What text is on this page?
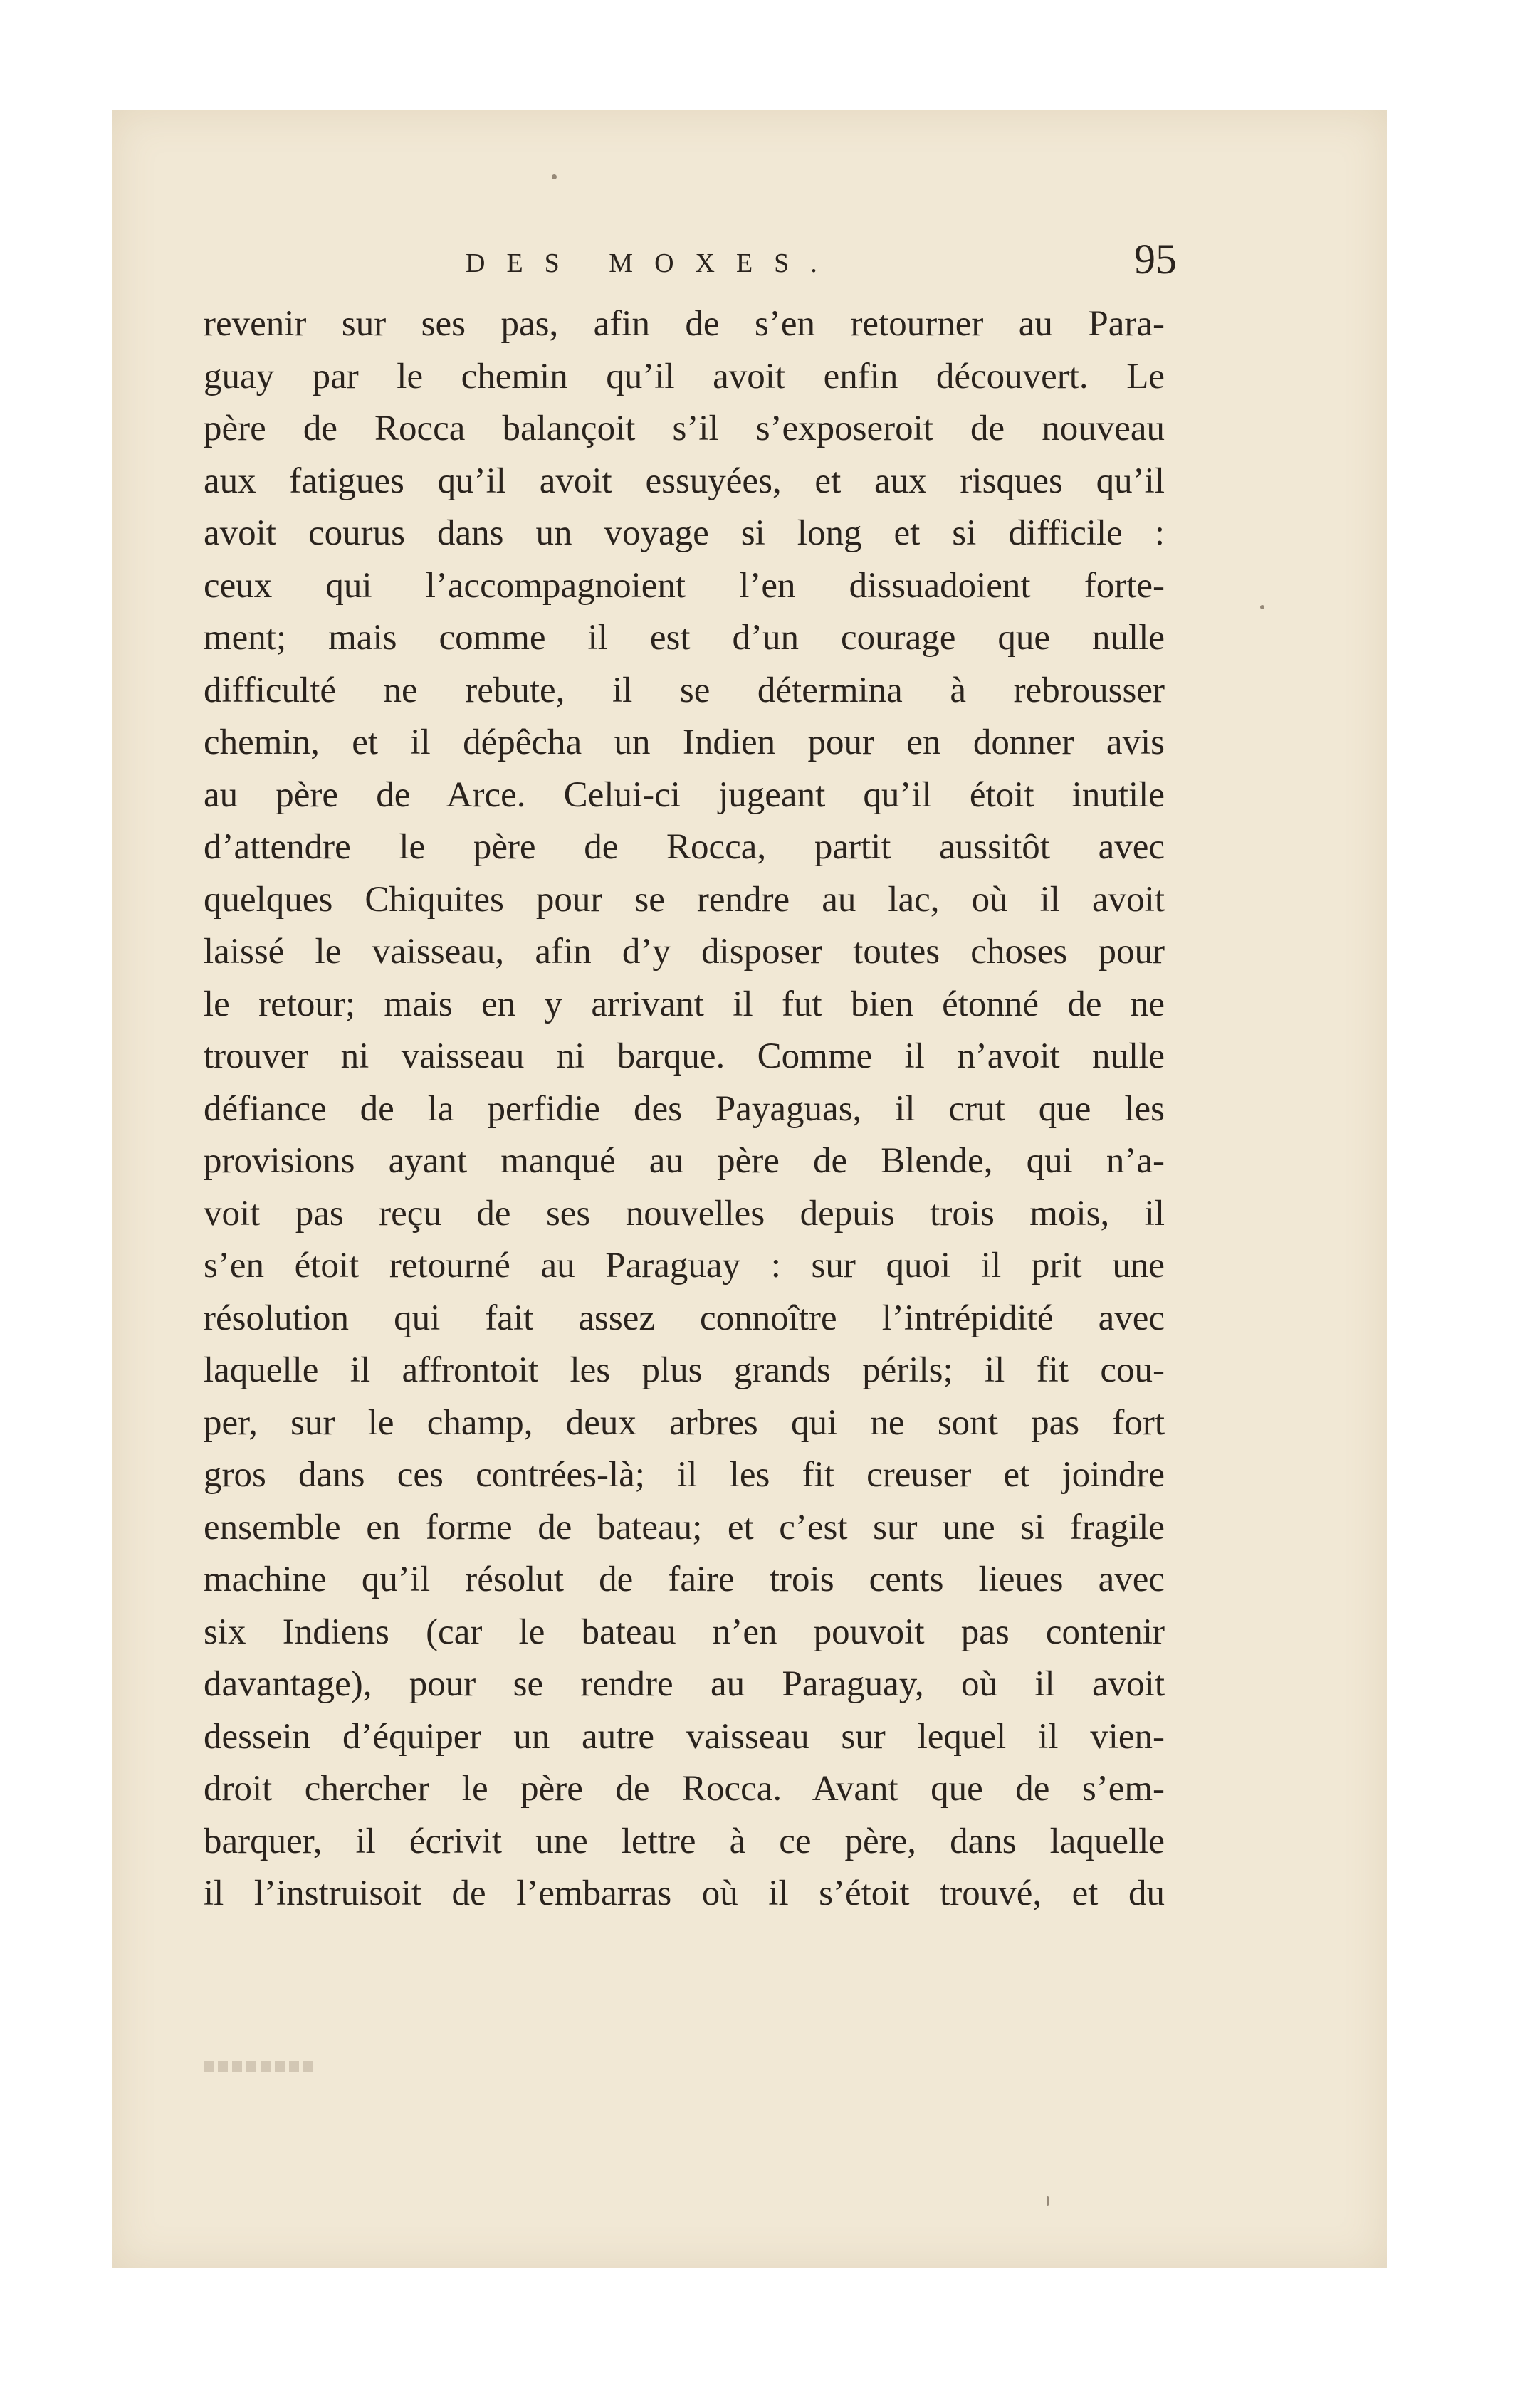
DES MOXES.	95
revenir sur ses pas, afin de s’en retourner au Para-
guay par le chemin qu’il avoit enfin découvert. Le
père de Rocca balançoit s’il s’exposeroit de nouveau
aux fatigues qu’il avoit essuyées, et aux risques qu’il
avoit courus dans un voyage si long et si difficile :
ceux qui l’accompagnoient l’en dissuadoient forte-
ment; mais comme il est d’un courage que nulle
difficulté ne rebute, il se détermina à rebrousser
chemin, et il dépêcha un Indien pour en donner avis
au père de Arce. Celui-ci jugeant qu’il étoit inutile
d’attendre le père de Rocca, partit aussitôt avec
quelques Chiquites pour se rendre au lac, où il avoit
laissé le vaisseau, afin d’y disposer toutes choses pour
le retour; mais en y arrivant il fut bien étonné de ne
trouver ni vaisseau ni barque. Comme il n’avoit nulle
défiance de la perfidie des Payaguas, il crut que les
provisions ayant manqué au père de Blende, qui n’a-
voit pas reçu de ses nouvelles depuis trois mois, il
s’en étoit retourné au Paraguay : sur quoi il prit une
résolution qui fait assez connoître l’intrépidité avec
laquelle il affrontoit les plus grands périls; il fit cou-
per, sur le champ, deux arbres qui ne sont pas fort
gros dans ces contrées-là; il les fit creuser et joindre
ensemble en forme de bateau; et c’est sur une si fragile
machine qu’il résolut de faire trois cents lieues avec
six Indiens (car le bateau n’en pouvoit pas contenir
davantage), pour se rendre au Paraguay, où il avoit
dessein d’équiper un autre vaisseau sur lequel il vien-
droit chercher le père de Rocca. Avant que de s’em-
barquer, il écrivit une lettre à ce père, dans laquelle
il l’instruisoit de l’embarras où il s’étoit trouvé, et du
